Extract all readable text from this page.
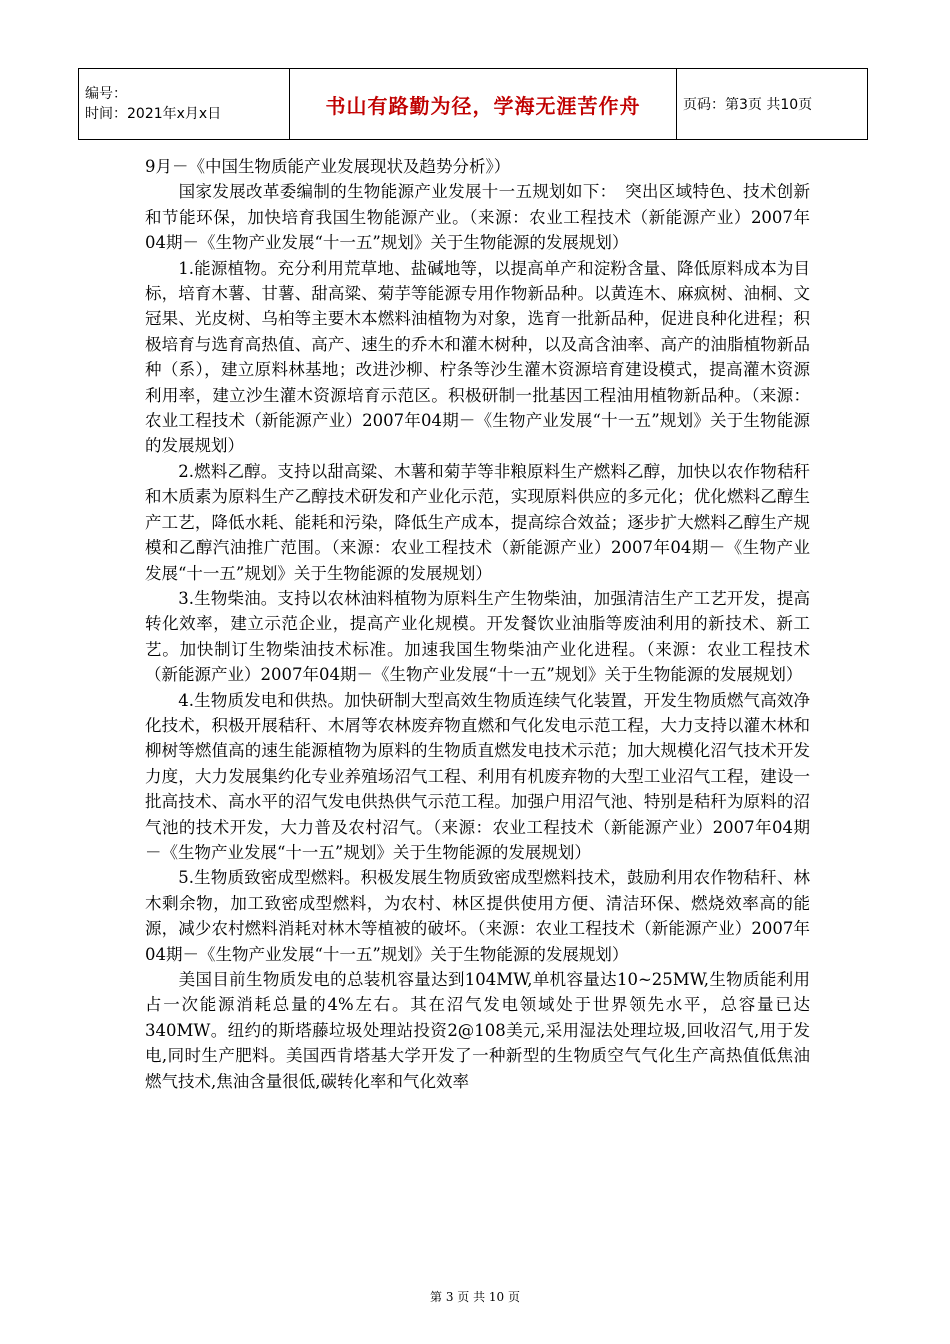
编号：
时间：2021年x月x日	书山有路勤为径，学海无涯苦作舟	页码：第3页 共10页

9月－《中国生物质能产业发展现状及趋势分析》）

　　国家发展改革委编制的生物能源产业发展十一五规划如下：　突出区域特色、技术创新和节能环保，加快培育我国生物能源产业。（来源：农业工程技术（新能源产业）2007年04期－《生物产业发展“十一五”规划》关于生物能源的发展规划）

　　1.能源植物。充分利用荒草地、盐碱地等，以提高单产和淀粉含量、降低原料成本为目标，培育木薯、甘薯、甜高粱、菊芋等能源专用作物新品种。以黄连木、麻疯树、油桐、文冠果、光皮树、乌桕等主要木本燃料油植物为对象，选育一批新品种，促进良种化进程；积极培育与选育高热值、高产、速生的乔木和灌木树种，以及高含油率、高产的油脂植物新品种（系），建立原料林基地；改进沙柳、柠条等沙生灌木资源培育建设模式，提高灌木资源利用率，建立沙生灌木资源培育示范区。积极研制一批基因工程油用植物新品种。（来源：农业工程技术（新能源产业）2007年04期－《生物产业发展“十一五”规划》关于生物能源的发展规划）

　　2.燃料乙醇。支持以甜高粱、木薯和菊芋等非粮原料生产燃料乙醇，加快以农作物秸秆和木质素为原料生产乙醇技术研发和产业化示范，实现原料供应的多元化；优化燃料乙醇生产工艺，降低水耗、能耗和污染，降低生产成本，提高综合效益；逐步扩大燃料乙醇生产规模和乙醇汽油推广范围。（来源：农业工程技术（新能源产业）2007年04期－《生物产业发展“十一五”规划》关于生物能源的发展规划）

　　3.生物柴油。支持以农林油料植物为原料生产生物柴油，加强清洁生产工艺开发，提高转化效率，建立示范企业，提高产业化规模。开发餐饮业油脂等废油利用的新技术、新工艺。加快制订生物柴油技术标准。加速我国生物柴油产业化进程。（来源：农业工程技术（新能源产业）2007年04期－《生物产业发展“十一五”规划》关于生物能源的发展规划）

　　4.生物质发电和供热。加快研制大型高效生物质连续气化装置，开发生物质燃气高效净化技术，积极开展秸秆、木屑等农林废弃物直燃和气化发电示范工程，大力支持以灌木林和柳树等燃值高的速生能源植物为原料的生物质直燃发电技术示范；加大规模化沼气技术开发力度，大力发展集约化专业养殖场沼气工程、利用有机废弃物的大型工业沼气工程，建设一批高技术、高水平的沼气发电供热供气示范工程。加强户用沼气池、特别是秸秆为原料的沼气池的技术开发，大力普及农村沼气。（来源：农业工程技术（新能源产业）2007年04期－《生物产业发展“十一五”规划》关于生物能源的发展规划）

　　5.生物质致密成型燃料。积极发展生物质致密成型燃料技术，鼓励利用农作物秸秆、林木剩余物，加工致密成型燃料，为农村、林区提供使用方便、清洁环保、燃烧效率高的能源，减少农村燃料消耗对林木等植被的破坏。（来源：农业工程技术（新能源产业）2007年04期－《生物产业发展“十一五”规划》关于生物能源的发展规划）

　　美国目前生物质发电的总装机容量达到104MW,单机容量达10~25MW,生物质能利用占一次能源消耗总量的4%左右。其在沼气发电领域处于世界领先水平，总容量已达340MW。纽约的斯塔藤垃圾处理站投资2@108美元,采用湿法处理垃圾,回收沼气,用于发电,同时生产肥料。美国西肯塔基大学开发了一种新型的生物质空气气化生产高热值低焦油燃气技术,焦油含量很低,碳转化率和气化效率

第 3 页 共 10 页
